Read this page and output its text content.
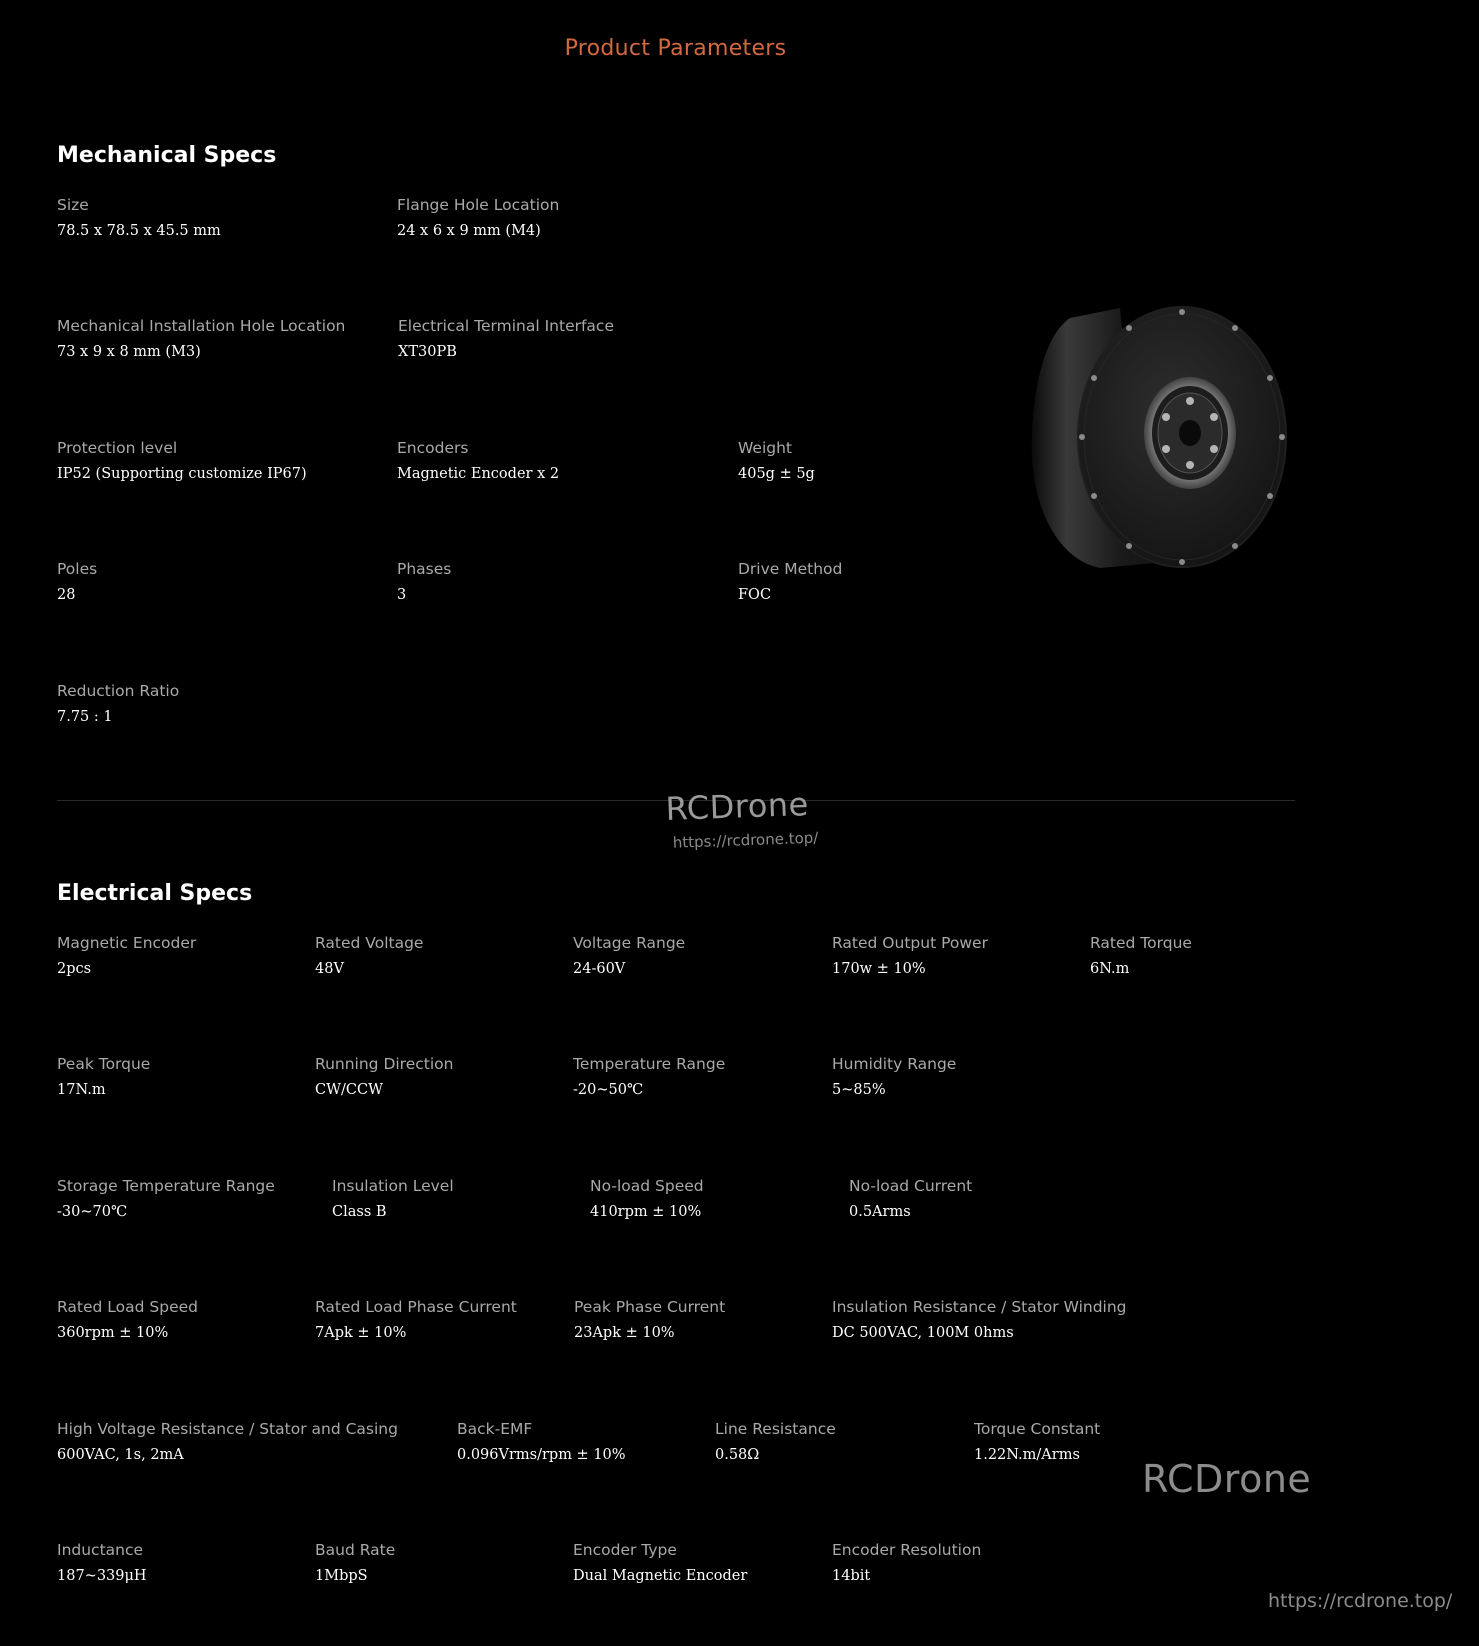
Product Parameters
Mechanical Specs
Size
78.5 x 78.5 x 45.5 mm
Flange Hole Location
24 x 6 x 9 mm (M4)
Mechanical Installation Hole Location
73 x 9 x 8 mm (M3)
Electrical Terminal Interface
XT30PB
Protection level
IP52 (Supporting customize IP67)
Encoders
Magnetic Encoder x 2
Weight
405g ± 5g
Poles
28
Phases
3
Drive Method
FOC
Reduction Ratio
7.75 : 1
RCDrone
https://rcdrone.top/
Electrical Specs
Magnetic Encoder
2pcs
Rated Voltage
48V
Voltage Range
24-60V
Rated Output Power
170w ± 10%
Rated Torque
6N.m
Peak Torque
17N.m
Running Direction
CW/CCW
Temperature Range
-20~50℃
Humidity Range
5~85%
Storage Temperature Range
-30~70℃
Insulation Level
Class B
No-load Speed
410rpm ± 10%
No-load Current
0.5Arms
Rated Load Speed
360rpm ± 10%
Rated Load Phase Current
7Apk ± 10%
Peak Phase Current
23Apk ± 10%
Insulation Resistance / Stator Winding
DC 500VAC, 100M 0hms
High Voltage Resistance / Stator and Casing
600VAC, 1s, 2mA
Back-EMF
0.096Vrms/rpm ± 10%
Line Resistance
0.58Ω
Torque Constant
1.22N.m/Arms
Inductance
187~339μH
Baud Rate
1MbpS
Encoder Type
Dual Magnetic Encoder
Encoder Resolution
14bit
RCDrone
https://rcdrone.top/
